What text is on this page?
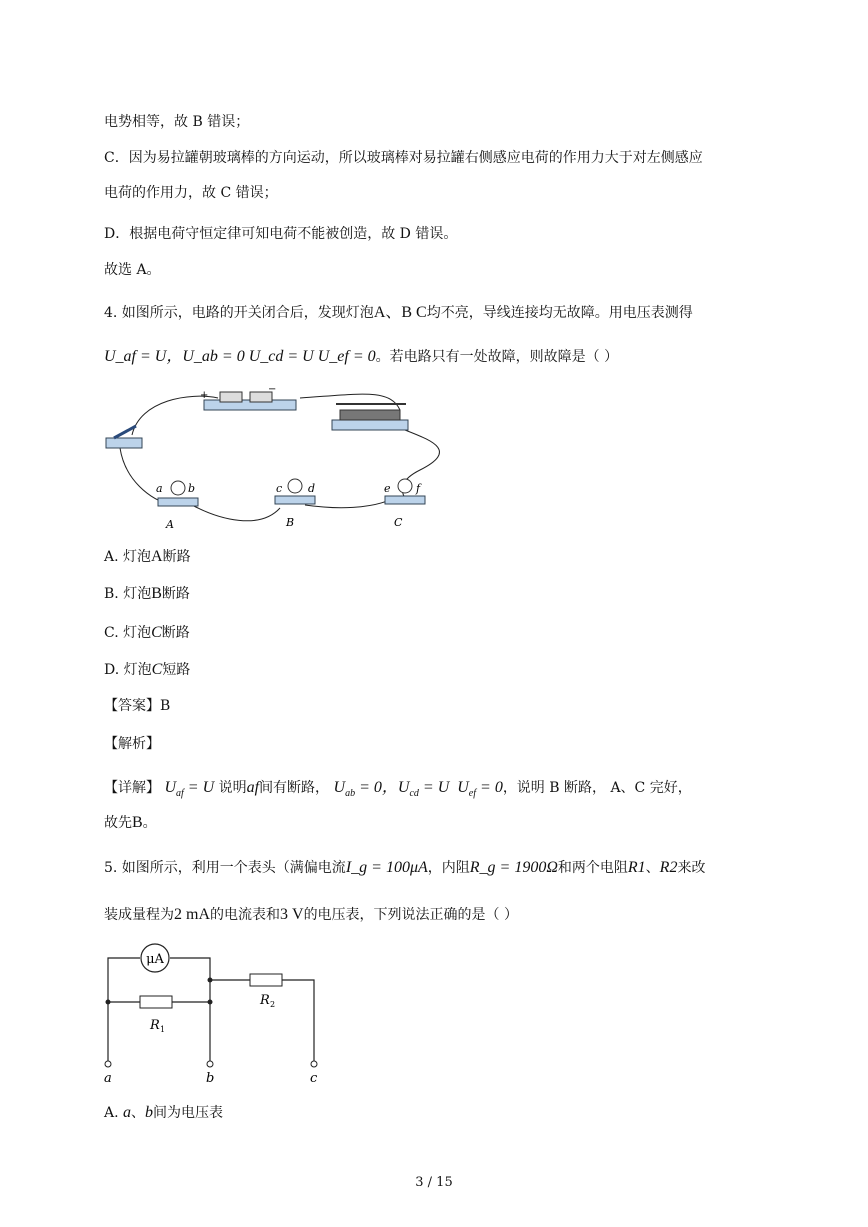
电势相等，故 B 错误；
C．因为易拉罐朝玻璃棒的方向运动，所以玻璃棒对易拉罐右侧感应电荷的作用力大于对左侧感应
电荷的作用力，故 C 错误；
D．根据电荷守恒定律可知电荷不能被创造，故 D 错误。
故选 A。
4. 如图所示，电路的开关闭合后，发现灯泡A、B C均不亮，导线连接均无故障。用电压表测得
U_af = U，U_ab = 0 U_cd = U U_ef = 0。若电路只有一处故障，则故障是（ ）
+
−
a b
A
c d
B
e f
C
A. 灯泡A断路
B. 灯泡B断路
C. 灯泡C断路
D. 灯泡C短路
【答案】B
【解析】
【详解】 $U_{af} = U$ 说明af间有断路， $U_{ab} = 0$，$U_{cd} = U$  $U_{ef} = 0$，说明 B 断路， A、C 完好，
故先B。
5. 如图所示，利用一个表头（满偏电流I_g = 100μA，内阻R_g = 1900Ω和两个电阻R1、R2来改
装成量程为2 mA的电流表和3 V的电压表，下列说法正确的是（ ）
μA
R 1
R 2
a	b	c
A. a、b间为电压表
3 / 15
